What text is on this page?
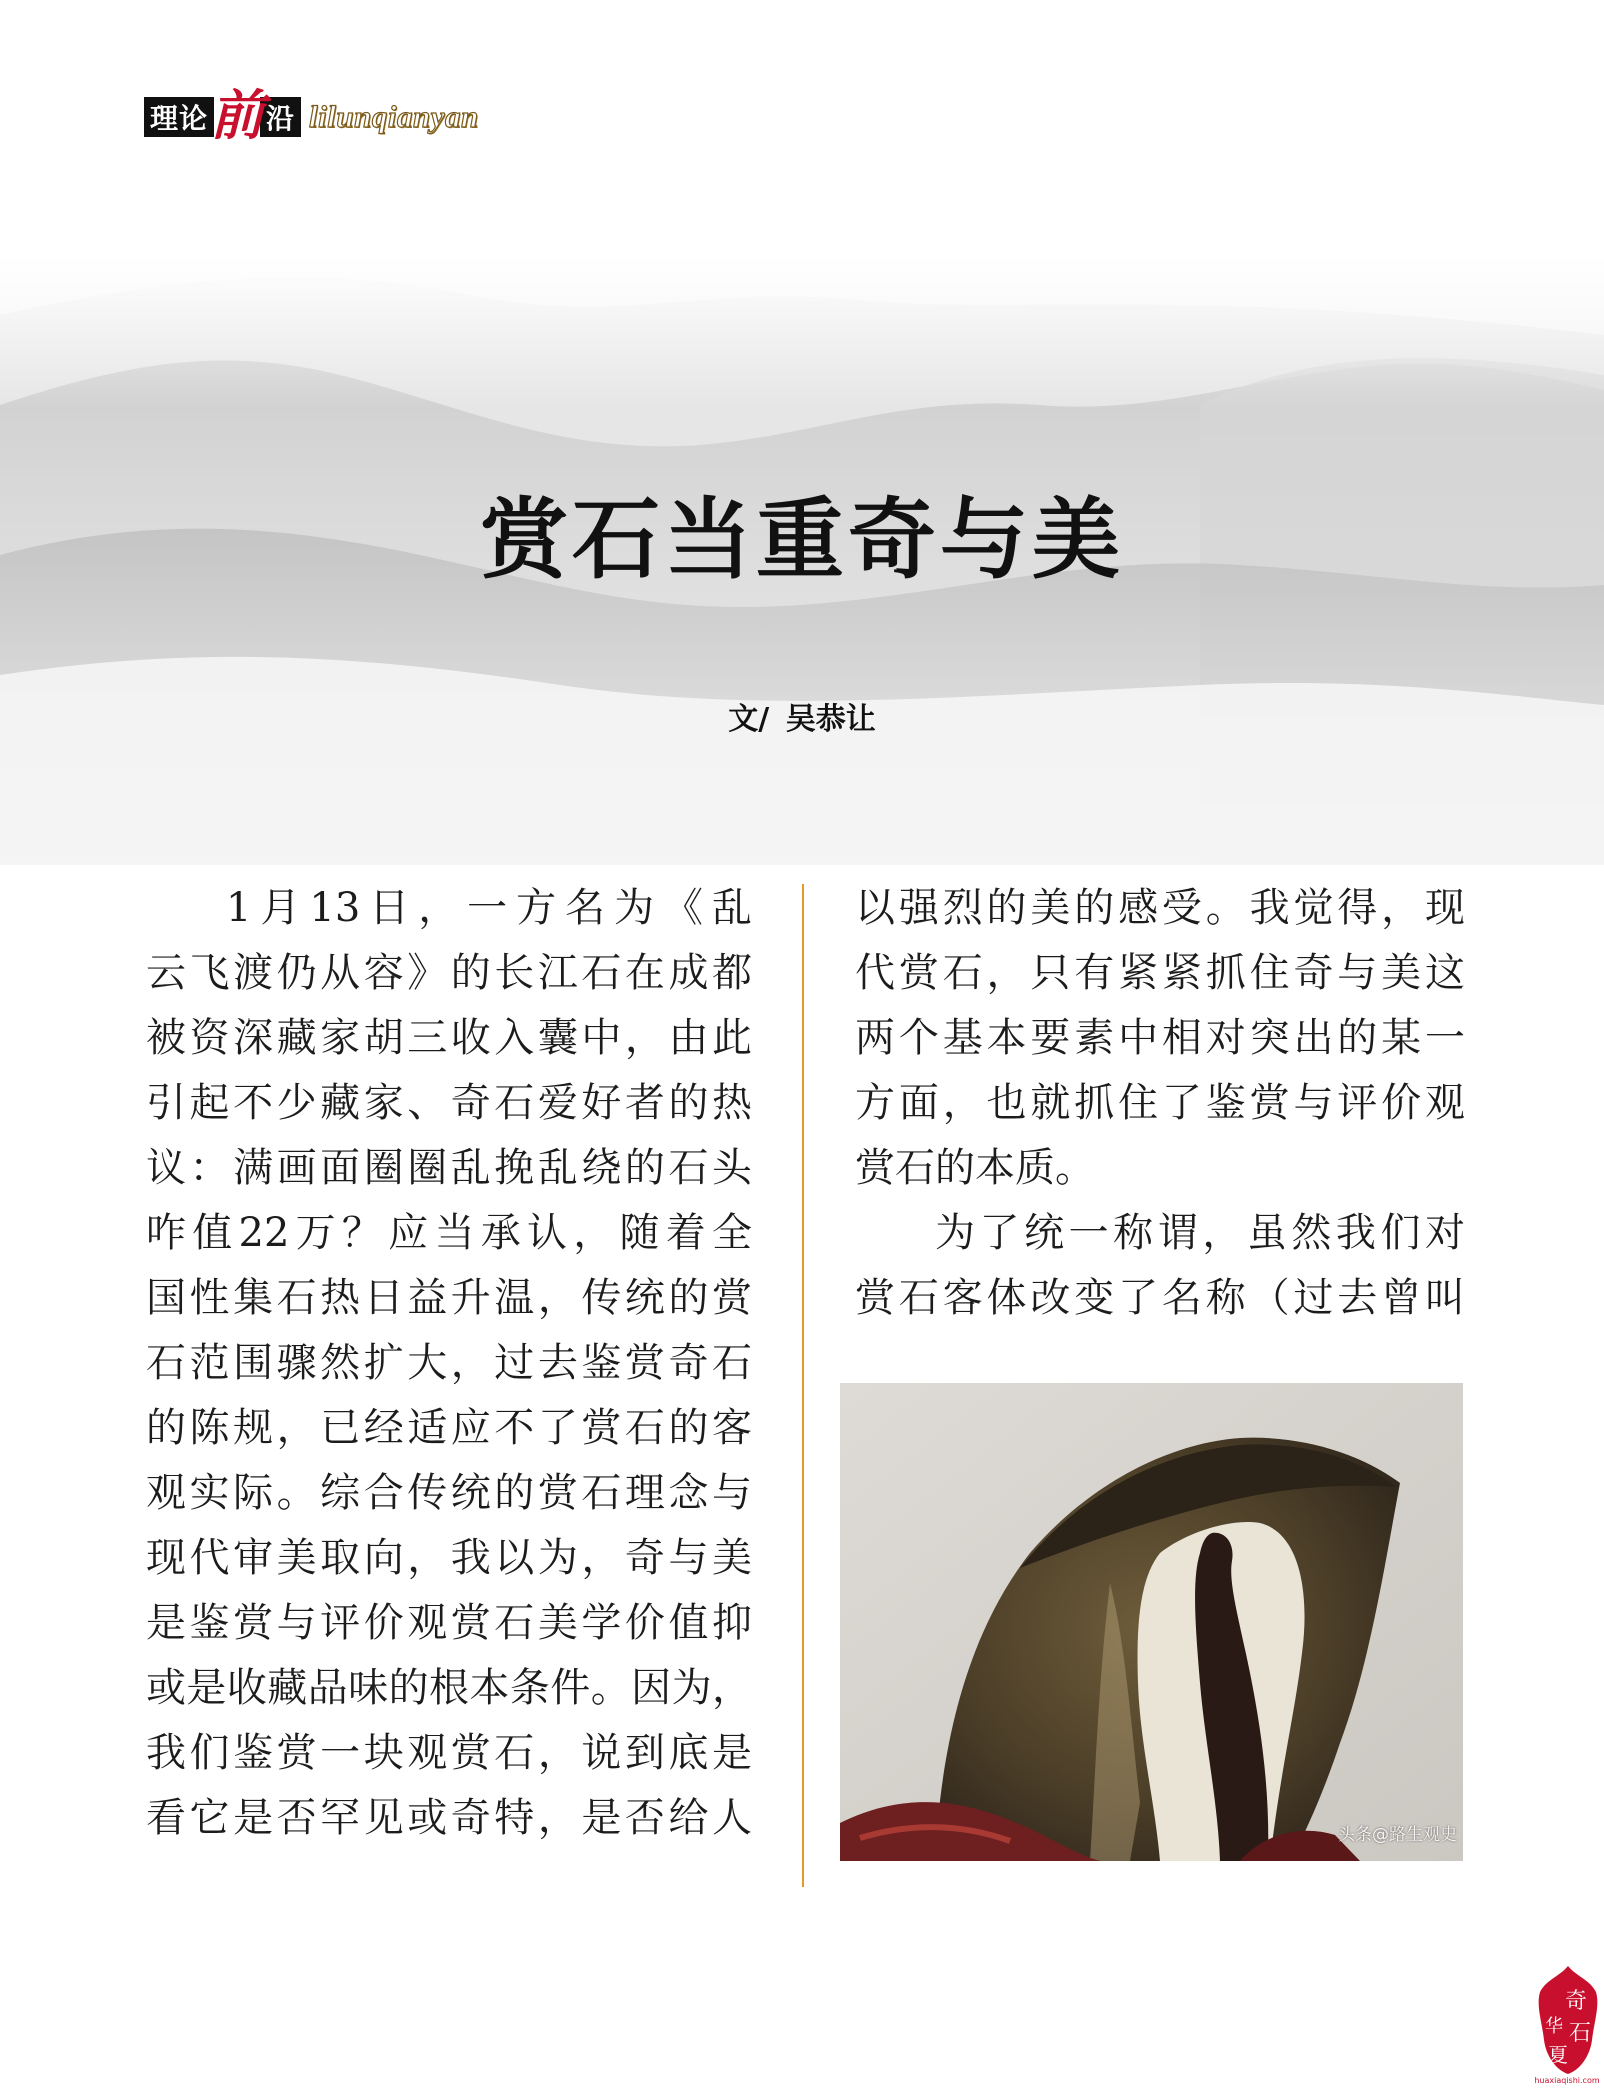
理论 前 沿 lilunqianyan
赏石当重奇与美
文/ 吴恭让

1月13日，一方名为《乱

云飞渡仍从容》的长江石在成都

被资深藏家胡三收入囊中，由此

引起不少藏家、奇石爱好者的热

议：满画面圈圈乱挽乱绕的石头

咋值22万？应当承认，随着全

国性集石热日益升温，传统的赏

石范围骤然扩大，过去鉴赏奇石

的陈规，已经适应不了赏石的客

观实际。综合传统的赏石理念与

现代审美取向，我以为，奇与美

是鉴赏与评价观赏石美学价值抑

或是收藏品味的根本条件。因为，

我们鉴赏一块观赏石，说到底是

看它是否罕见或奇特，是否给人

以强烈的美的感受。我觉得，现

代赏石，只有紧紧抓住奇与美这

两个基本要素中相对突出的某一

方面，也就抓住了鉴赏与评价观

赏石的本质。

为了统一称谓，虽然我们对

赏石客体改变了名称（过去曾叫

头条@路生观史
奇
石
华
夏
huaxiaqishi.com
